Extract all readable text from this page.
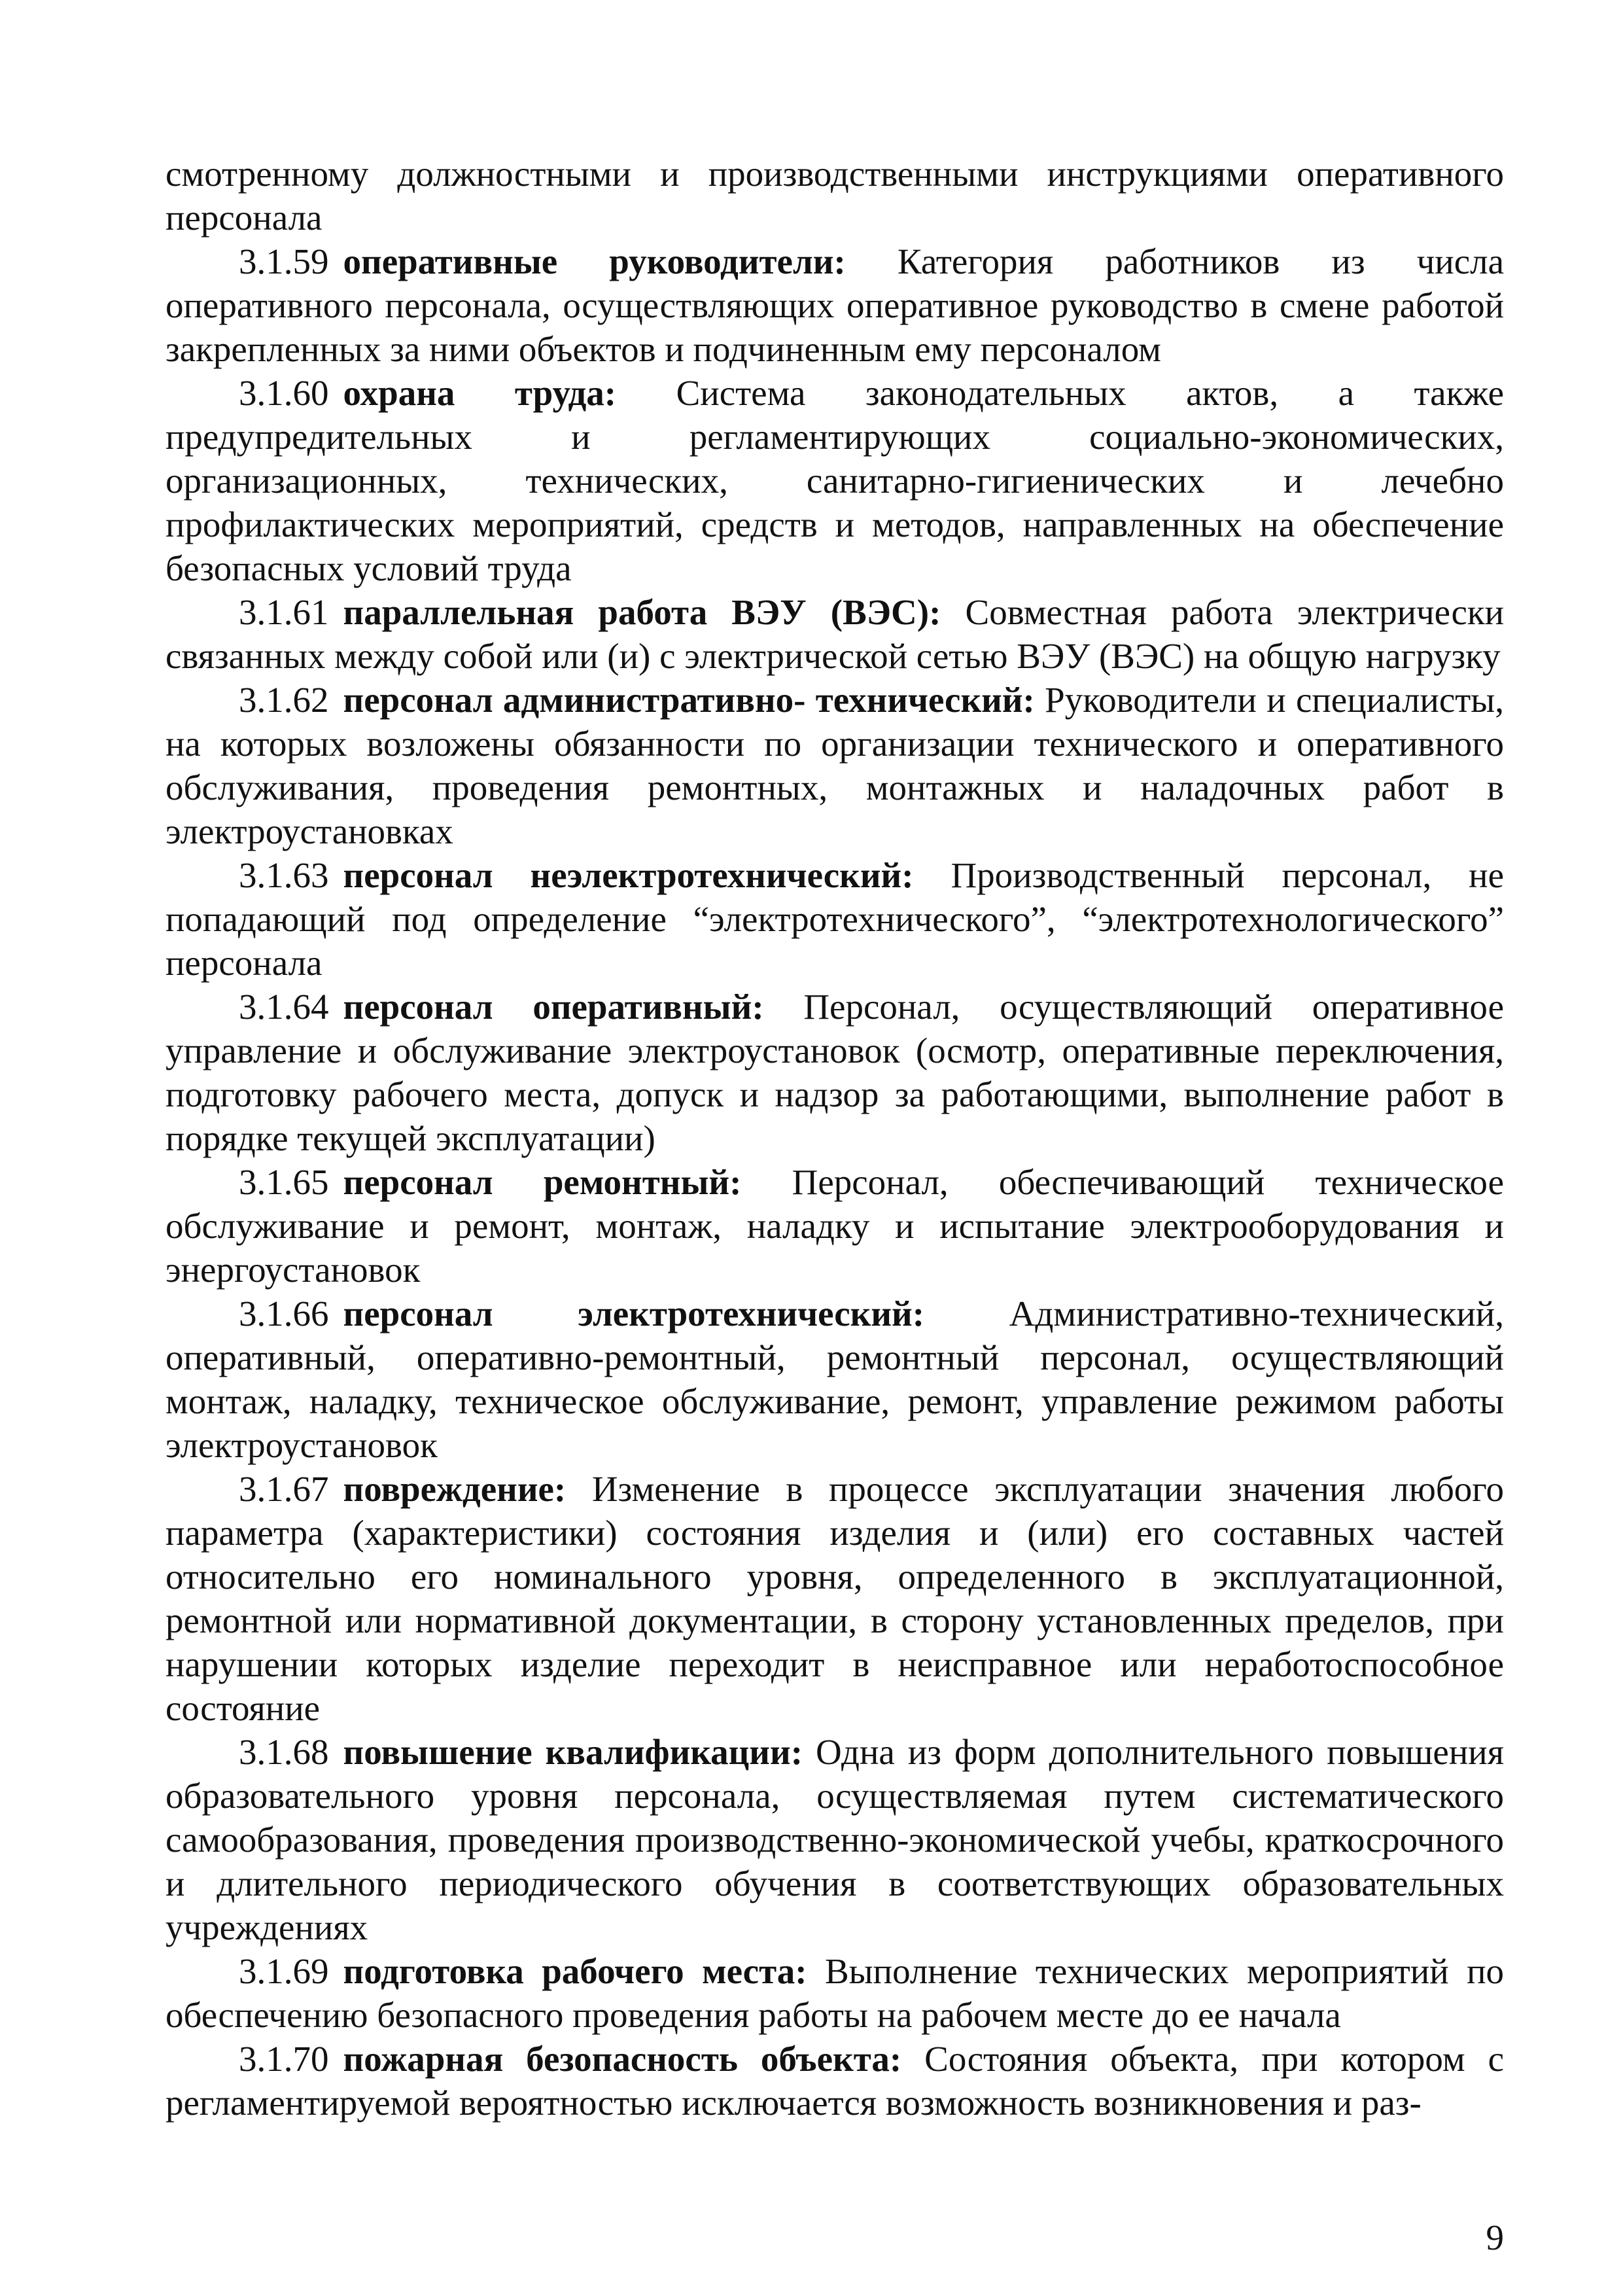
смотренному должностными и производственными инструкциями оперативного персонала

3.1.59 оперативные руководители: Категория работников из числа оперативного персонала, осуществляющих оперативное руководство в смене работой закрепленных за ними объектов и подчиненным ему персоналом

3.1.60 охрана труда: Система законодательных актов, а также предупредительных и регламентирующих социально-экономических, организационных, технических, санитарно-гигиенических и лечебно профилактических мероприятий, средств и методов, направленных на обеспечение безопасных условий труда

3.1.61 параллельная работа ВЭУ (ВЭС): Совместная работа электрически связанных между собой или (и) с электрической сетью ВЭУ (ВЭС) на общую нагрузку

3.1.62 персонал административно- технический: Руководители и специалисты, на которых возложены обязанности по организации технического и оперативного обслуживания, проведения ремонтных, монтажных и наладочных работ в электроустановках

3.1.63 персонал неэлектротехнический: Производственный персонал, не попадающий под определение “электротехнического”, “электротехнологического” персонала

3.1.64 персонал оперативный: Персонал, осуществляющий оперативное управление и обслуживание электроустановок (осмотр, оперативные переключения, подготовку рабочего места, допуск и надзор за работающими, выполнение работ в порядке текущей эксплуатации)

3.1.65 персонал ремонтный: Персонал, обеспечивающий техническое обслуживание и ремонт, монтаж, наладку и испытание электрооборудования и энергоустановок

3.1.66 персонал электротехнический: Административно-технический, оперативный, оперативно-ремонтный, ремонтный персонал, осуществляющий монтаж, наладку, техническое обслуживание, ремонт, управление режимом работы электроустановок

3.1.67 повреждение: Изменение в процессе эксплуатации значения любого параметра (характеристики) состояния изделия и (или) его составных частей относительно его номинального уровня, определенного в эксплуатационной, ремонтной или нормативной документации, в сторону установленных пределов, при нарушении которых изделие переходит в неисправное или неработоспособное состояние

3.1.68 повышение квалификации: Одна из форм дополнительного повышения образовательного уровня персонала, осуществляемая путем систематического самообразования, проведения производственно-экономической учебы, краткосрочного и длительного периодического обучения в соответствующих образовательных учреждениях

3.1.69 подготовка рабочего места: Выполнение технических мероприятий по обеспечению безопасного проведения работы на рабочем месте до ее начала

3.1.70 пожарная безопасность объекта: Состояния объекта, при котором с регламентируемой вероятностью исключается возможность возникновения и раз-

9
